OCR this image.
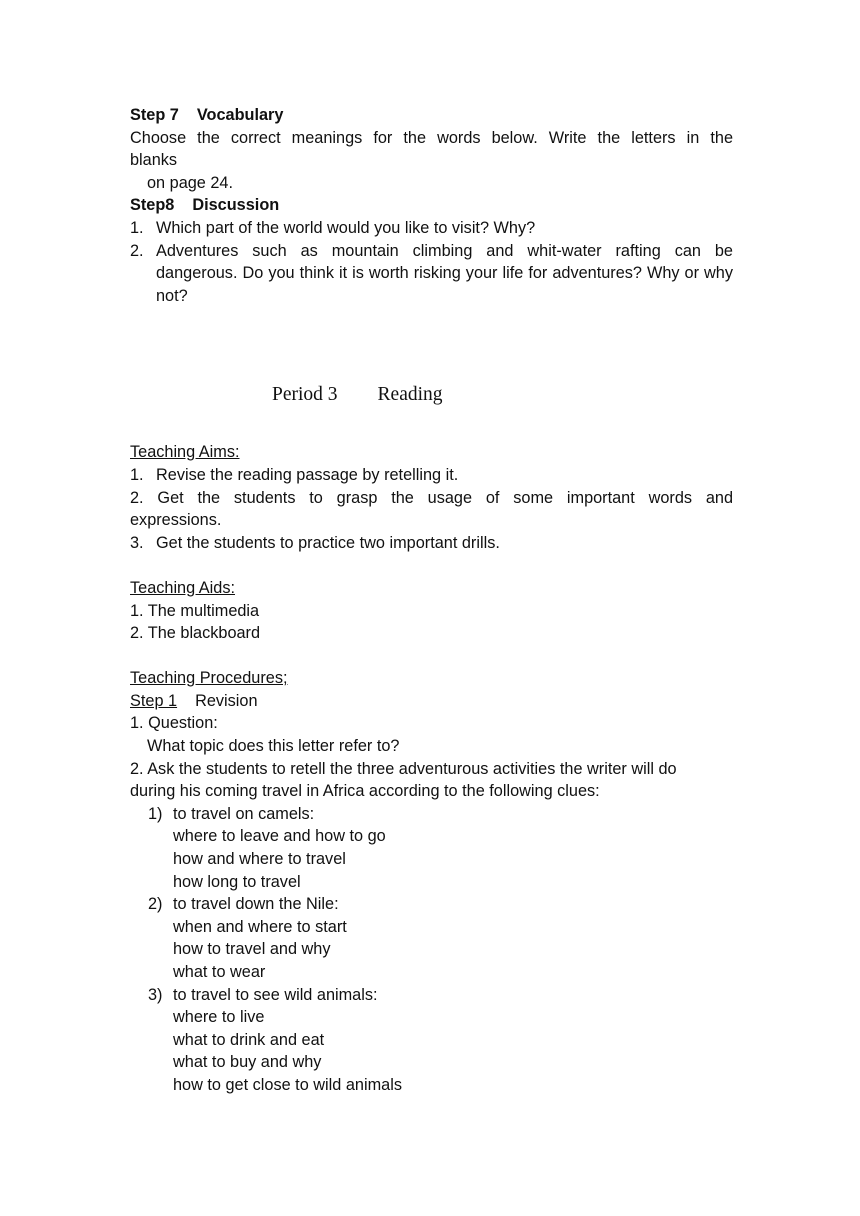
Step 7 Vocabulary
Choose the correct meanings for the words below. Write the letters in the
blanks
on page 24.
Step8 Discussion
1. Which part of the world would you like to visit? Why?
2. Adventures such as mountain climbing and whit-water rafting can be dangerous. Do you think it is worth risking your life for adventures? Why or why not?
Teaching Aims:
1. Revise the reading passage by retelling it.
2. Get the students to grasp the usage of some important words and
expressions.
3. Get the students to practice two important drills.
Teaching Aids:
1. The multimedia
2. The blackboard
Teaching Procedures;
Step 1 Revision
1. Question:
What topic does this letter refer to?
2. Ask the students to retell the three adventurous activities the writer will do
during his coming travel in Africa according to the following clues:
1) to travel on camels:
where to leave and how to go
how and where to travel
how long to travel
2) to travel down the Nile:
when and where to start
how to travel and why
what to wear
3) to travel to see wild animals:
where to live
what to drink and eat
what to buy and why
how to get close to wild animals
Period 3 Reading
